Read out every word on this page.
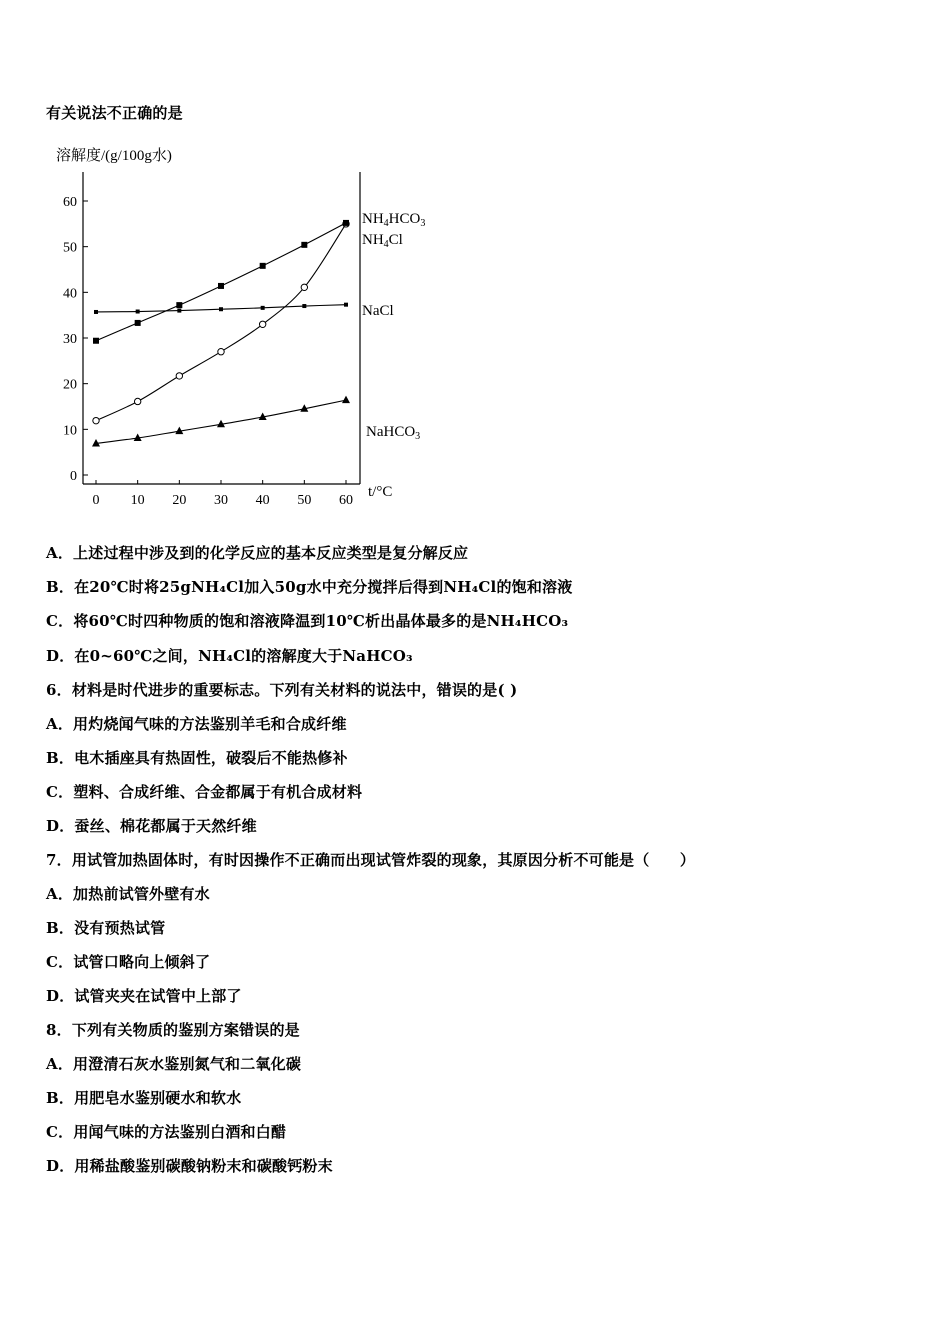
有关说法不正确的是
溶解度/(g/100g水)
0
10
20
30
40
50
60
0 10 20 30 40 50 60
t/°C
$NH_4HCO_3$
$NH_4Cl$
NaCl
NaHCO$_3$
A．上述过程中涉及到的化学反应的基本反应类型是复分解反应
B．在20℃时将25gNH₄Cl加入50g水中充分搅拌后得到NH₄Cl的饱和溶液
C．将60℃时四种物质的饱和溶液降温到10℃析出晶体最多的是NH₄HCO₃
D．在0~60℃之间，NH₄Cl的溶解度大于NaHCO₃
6．材料是时代进步的重要标志。下列有关材料的说法中，错误的是( )
A．用灼烧闻气味的方法鉴别羊毛和合成纤维
B．电木插座具有热固性，破裂后不能热修补
C．塑料、合成纤维、合金都属于有机合成材料
D．蚕丝、棉花都属于天然纤维
7．用试管加热固体时，有时因操作不正确而出现试管炸裂的现象，其原因分析不可能是（　　）
A．加热前试管外壁有水
B．没有预热试管
C．试管口略向上倾斜了
D．试管夹夹在试管中上部了
8．下列有关物质的鉴别方案错误的是
A．用澄清石灰水鉴别氮气和二氧化碳
B．用肥皂水鉴别硬水和软水
C．用闻气味的方法鉴别白酒和白醋
D．用稀盐酸鉴别碳酸钠粉末和碳酸钙粉末
